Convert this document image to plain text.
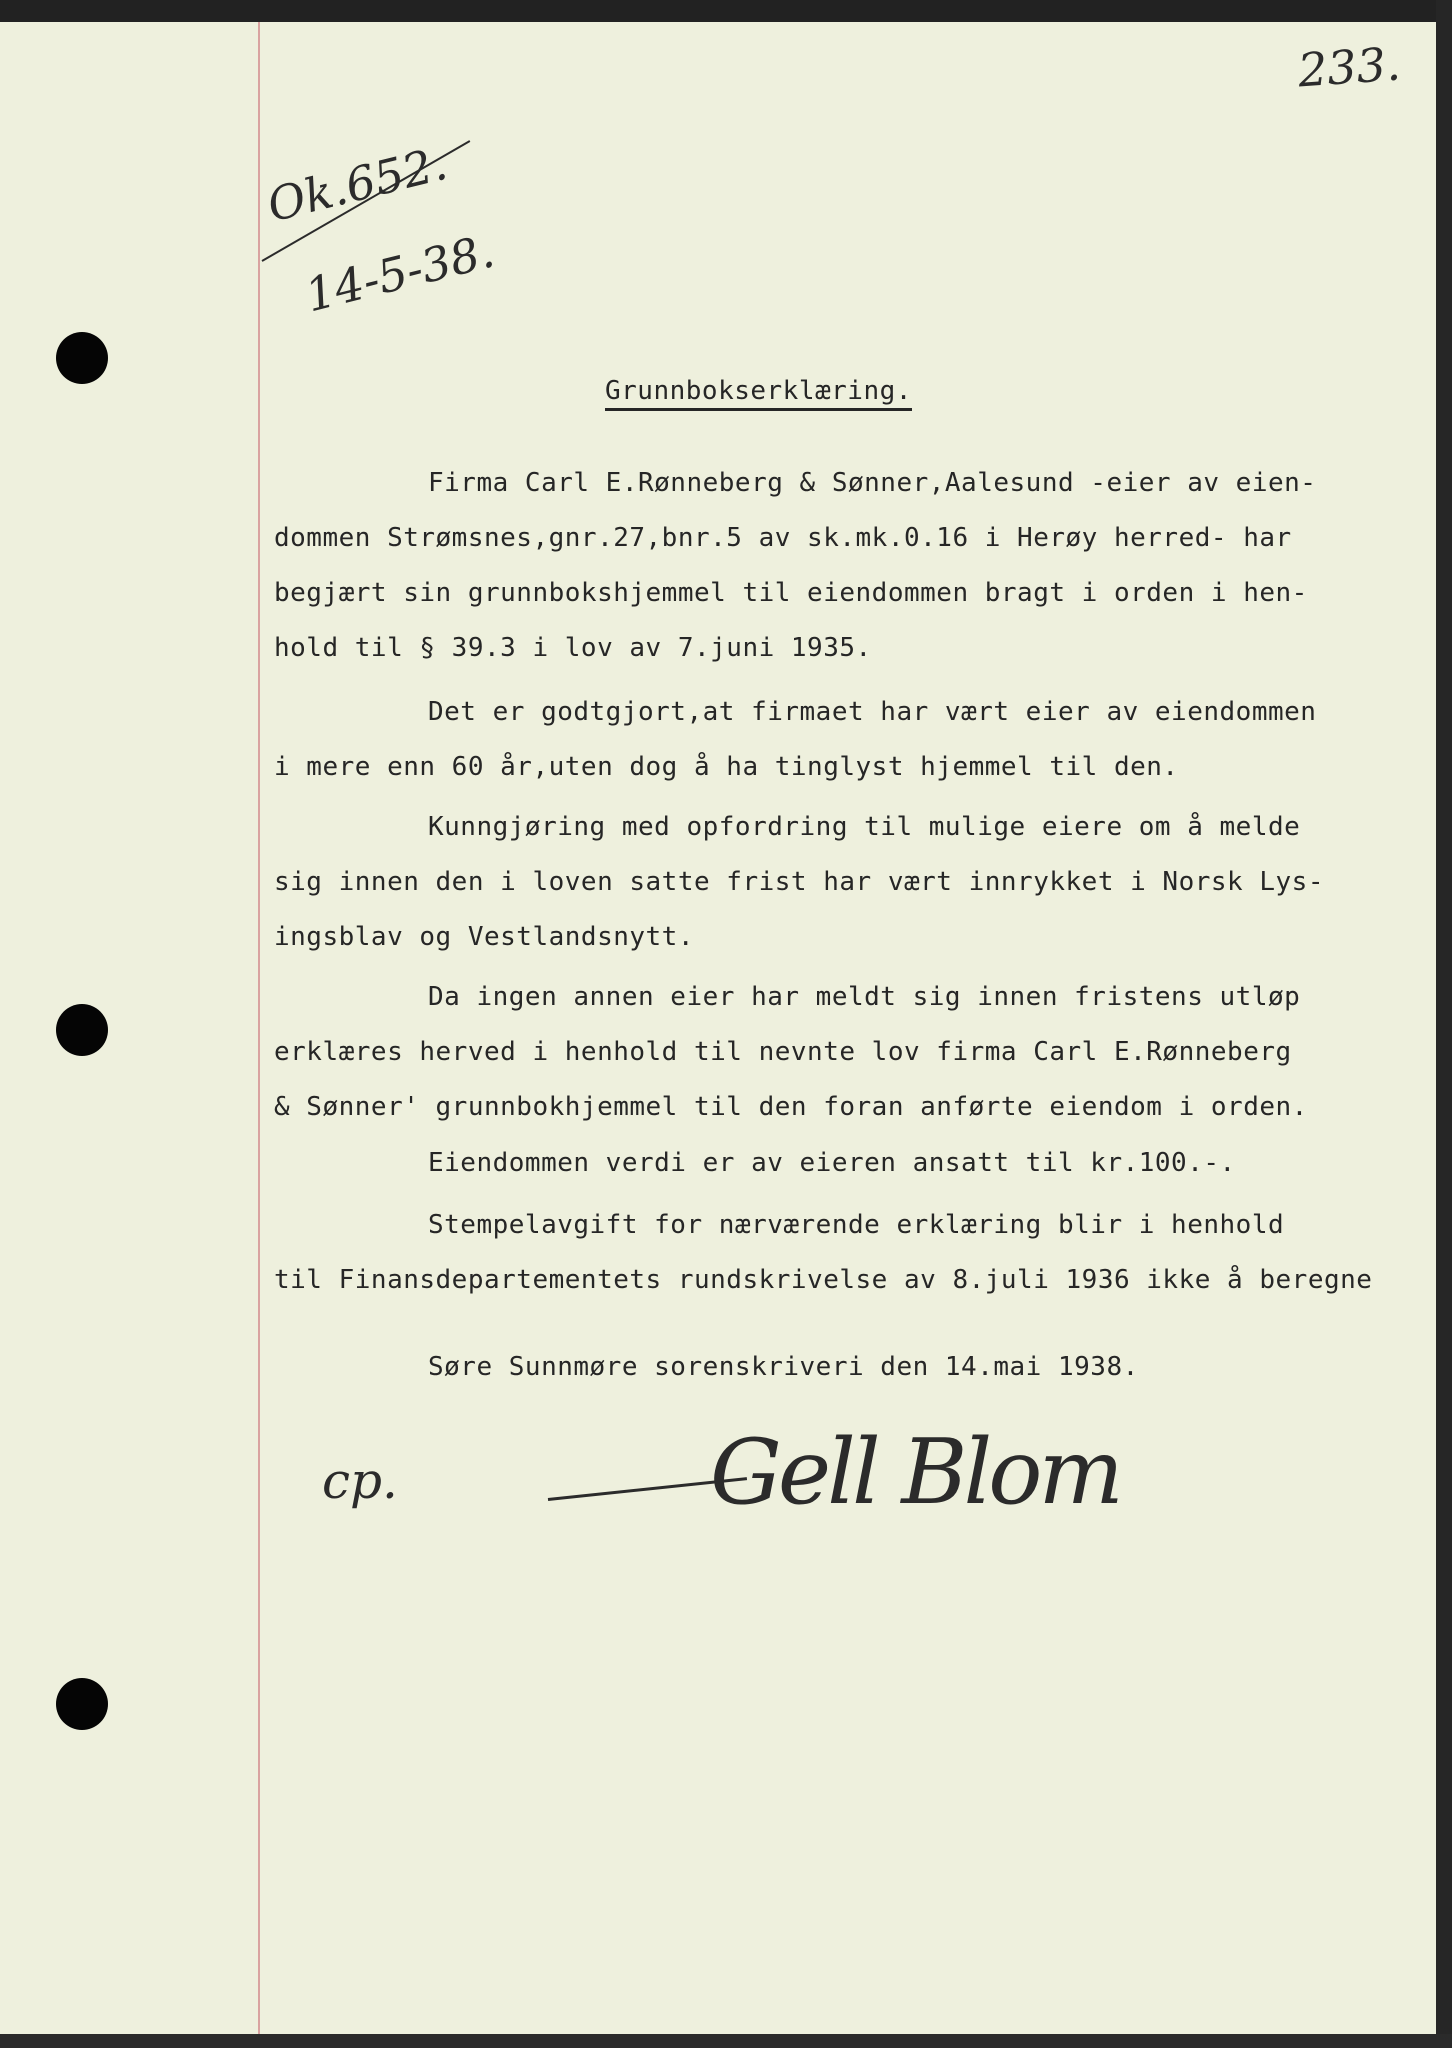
233.
Ok.652.
14-5-38.
Grunnbokserklæring.
Firma Carl E.Rønneberg & Sønner,Aalesund -eier av eien-
dommen Strømsnes,gnr.27,bnr.5 av sk.mk.0.16 i Herøy herred- har
begjært sin grunnbokshjemmel til eiendommen bragt i orden i hen-
hold til § 39.3 i lov av 7.juni 1935.
Det er godtgjort,at firmaet har vært eier av eiendommen
i mere enn 60 år,uten dog å ha tinglyst hjemmel til den.
Kunngjøring med opfordring til mulige eiere om å melde
sig innen den i loven satte frist har vært innrykket i Norsk Lys-
ingsblav og Vestlandsnytt.
Da ingen annen eier har meldt sig innen fristens utløp
erklæres herved i henhold til nevnte lov firma Carl E.Rønneberg
& Sønner' grunnbokhjemmel til den foran anførte eiendom i orden.
Eiendommen verdi er av eieren ansatt til kr.100.-.
Stempelavgift for nærværende erklæring blir i henhold
til Finansdepartementets rundskrivelse av 8.juli 1936 ikke å beregne
Søre Sunnmøre sorenskriveri den 14.mai 1938.
cp.	Gell Blom
